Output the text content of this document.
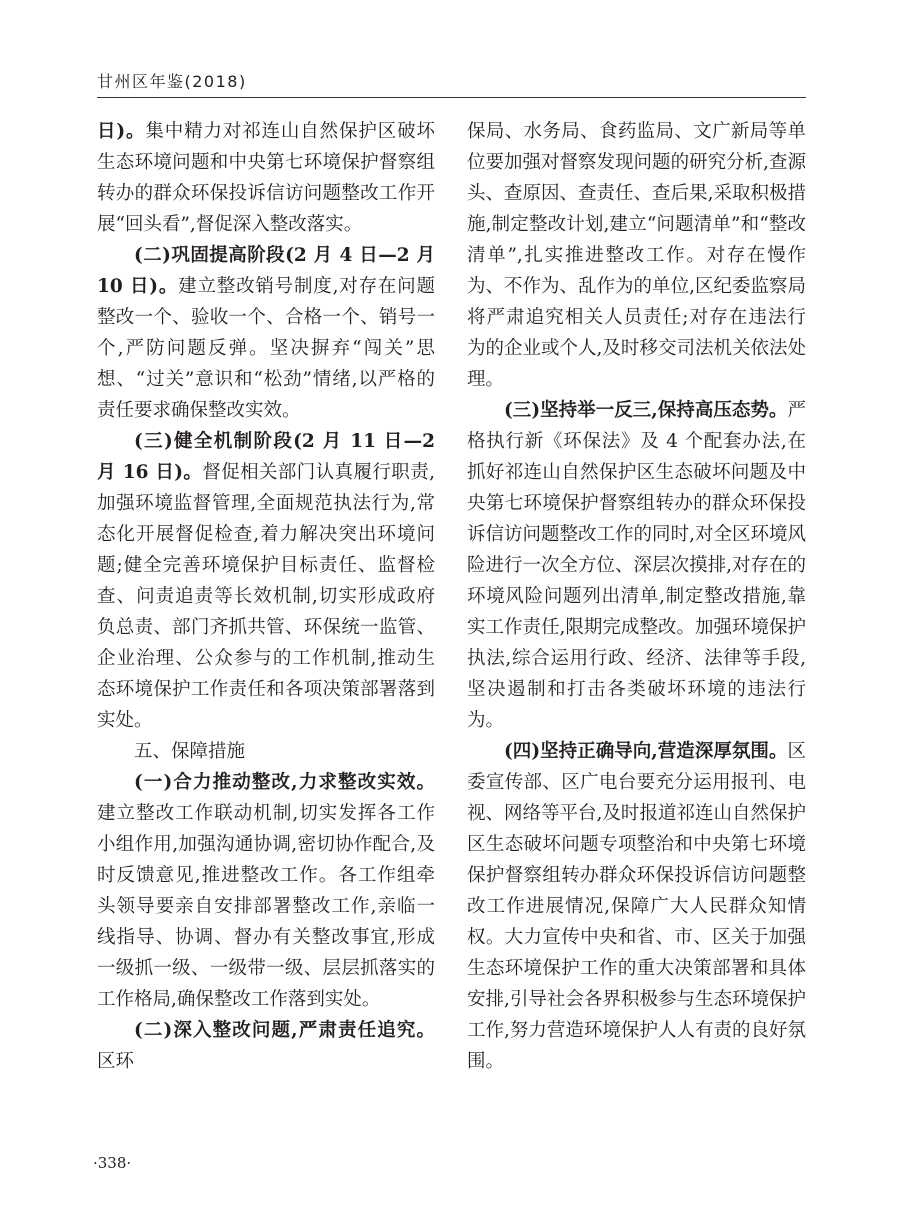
甘州区年鉴(2018)

日)。集中精力对祁连山自然保护区破坏生态环境问题和中央第七环境保护督察组转办的群众环保投诉信访问题整改工作开展“回头看”,督促深入整改落实。

(二)巩固提高阶段(2 月 4 日—2 月 10 日)。建立整改销号制度,对存在问题整改一个、验收一个、合格一个、销号一个,严防问题反弹。坚决摒弃“闯关”思想、“过关”意识和“松劲”情绪,以严格的责任要求确保整改实效。

(三)健全机制阶段(2 月 11 日—2 月 16 日)。督促相关部门认真履行职责,加强环境监督管理,全面规范执法行为,常态化开展督促检查,着力解决突出环境问题;健全完善环境保护目标责任、监督检查、问责追责等长效机制,切实形成政府负总责、部门齐抓共管、环保统一监管、企业治理、公众参与的工作机制,推动生态环境保护工作责任和各项决策部署落到实处。

五、保障措施

(一)合力推动整改,力求整改实效。建立整改工作联动机制,切实发挥各工作小组作用,加强沟通协调,密切协作配合,及时反馈意见,推进整改工作。各工作组牵头领导要亲自安排部署整改工作,亲临一线指导、协调、督办有关整改事宜,形成一级抓一级、一级带一级、层层抓落实的工作格局,确保整改工作落到实处。

(二)深入整改问题,严肃责任追究。区环

保局、水务局、食药监局、文广新局等单位要加强对督察发现问题的研究分析,查源头、查原因、查责任、查后果,采取积极措施,制定整改计划,建立“问题清单”和“整改清单”,扎实推进整改工作。对存在慢作为、不作为、乱作为的单位,区纪委监察局将严肃追究相关人员责任;对存在违法行为的企业或个人,及时移交司法机关依法处理。

(三)坚持举一反三,保持高压态势。严格执行新《环保法》及 4 个配套办法,在抓好祁连山自然保护区生态破坏问题及中央第七环境保护督察组转办的群众环保投诉信访问题整改工作的同时,对全区环境风险进行一次全方位、深层次摸排,对存在的环境风险问题列出清单,制定整改措施,靠实工作责任,限期完成整改。加强环境保护执法,综合运用行政、经济、法律等手段,坚决遏制和打击各类破坏环境的违法行为。

(四)坚持正确导向,营造深厚氛围。区委宣传部、区广电台要充分运用报刊、电视、网络等平台,及时报道祁连山自然保护区生态破坏问题专项整治和中央第七环境保护督察组转办群众环保投诉信访问题整改工作进展情况,保障广大人民群众知情权。大力宣传中央和省、市、区关于加强生态环境保护工作的重大决策部署和具体安排,引导社会各界积极参与生态环境保护工作,努力营造环境保护人人有责的良好氛围。

·338·
